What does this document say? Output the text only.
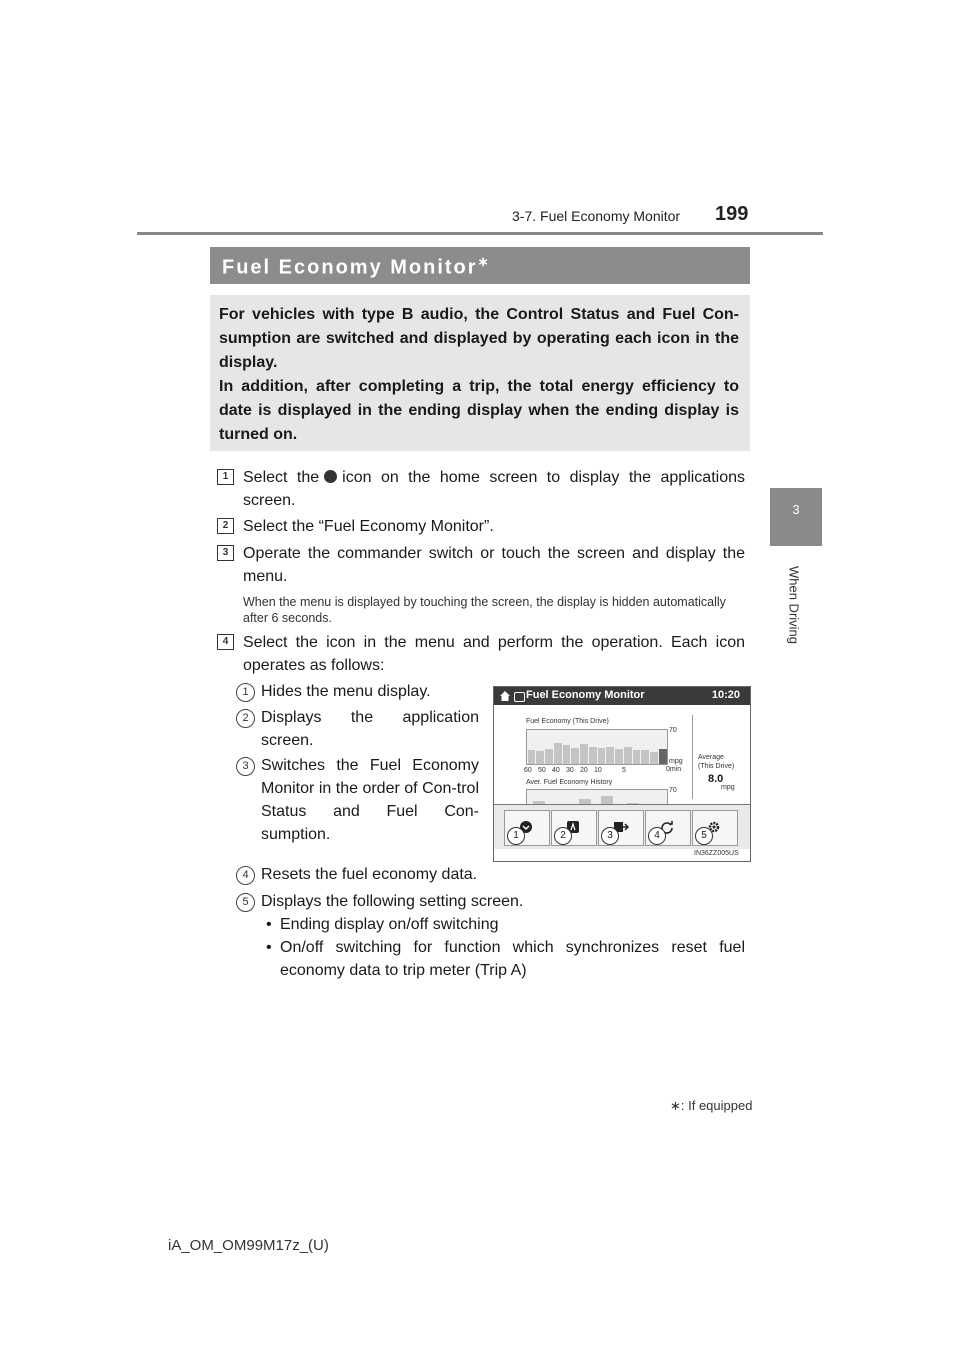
3-7. Fuel Economy Monitor 199
3
When Driving
Fuel Economy Monitor∗

For vehicles with type B audio, the Control Status and Fuel Con-sumption are switched and displayed by operating each icon in the display.

In addition, after completing a trip, the total energy efficiency to date is displayed in the ending display when the ending display is turned on.

1 Select the icon on the home screen to display the applications screen.
2 Select the “Fuel Economy Monitor”.
3 Operate the commander switch or touch the screen and display the menu.
When the menu is displayed by touching the screen, the display is hidden automatically after 6 seconds.
4 Select the icon in the menu and perform the operation. Each icon operates as follows:
1 Hides the menu display.
2 Displays the application screen.
3 Switches the Fuel Economy Monitor in the order of Con-trol Status and Fuel Con-sumption.
4 Resets the fuel economy data.
5 Displays the following setting screen.
• Ending display on/off switching
• On/off switching for function which synchronizes reset fuel economy data to trip meter (Trip A)
Fuel Economy Monitor	10:20
Fuel Economy (This Drive)
70
60 50 40 30 20 10	5
mpg
0min
Average
(This Drive)
8.0
mpg
Aver. Fuel Economy History
70
1	2	3	4	5
IN36ZZ005US
∗: If equipped
iA_OM_OM99M17z_(U)
